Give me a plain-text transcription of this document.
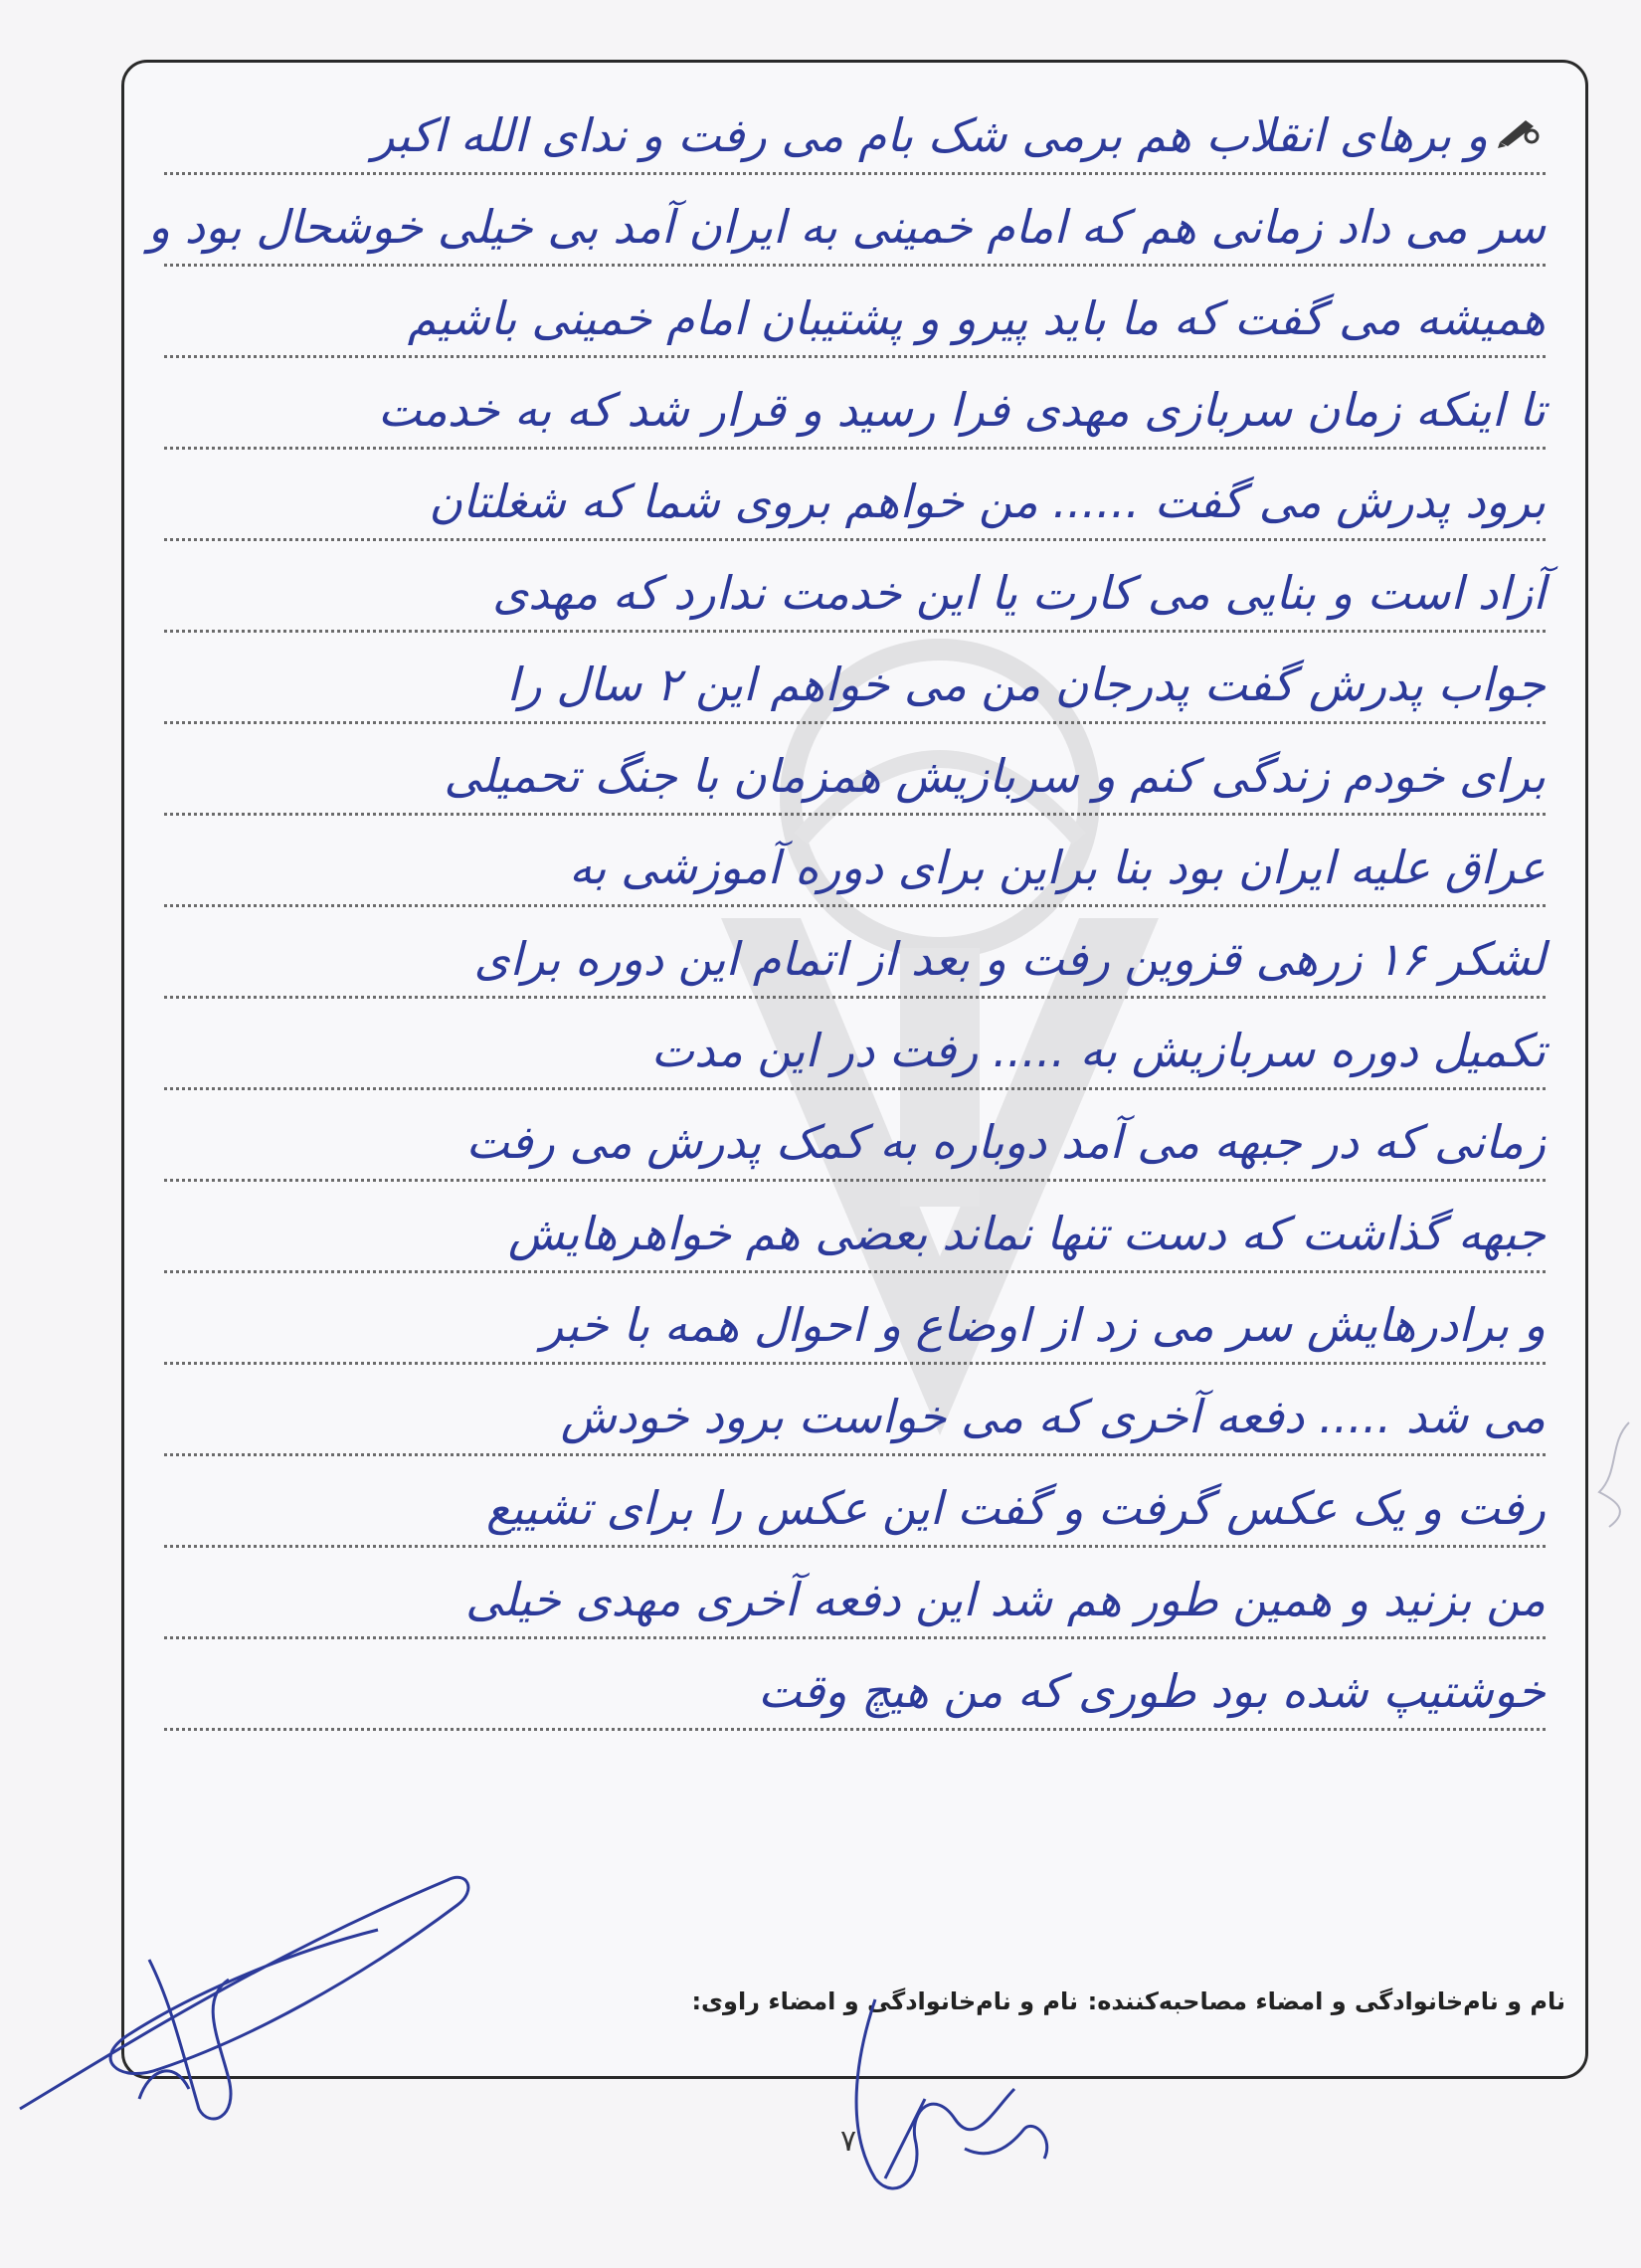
و برهای انقلاب هم برمی شک بام می رفت و ندای الله اکبر
سر می داد زمانی هم که امام خمینی به ایران آمد بی خیلی خوشحال بود و
همیشه می گفت که ما باید پیرو و پشتیبان امام خمینی باشیم
تا اینکه زمان سربازی مهدی فرا رسید و قرار شد که به خدمت
برود پدرش می گفت ...... من خواهم بروی شما که شغلتان
آزاد است و بنایی می کارت یا این خدمت ندارد که مهدی
جواب پدرش گفت پدرجان من می خواهم این ۲ سال را
برای خودم زندگی کنم و سربازیش همزمان با جنگ تحمیلی
عراق علیه ایران بود بنا براین برای دوره آموزشی به
لشکر ۱۶ زرهی قزوین رفت و بعد از اتمام این دوره برای
تکمیل دوره سربازیش به ..... رفت در این مدت
زمانی که در جبهه می آمد دوباره به کمک پدرش می رفت
جبهه گذاشت که دست تنها نماند بعضی هم خواهرهایش
و برادرهایش سر می زد از اوضاع و احوال همه با خبر
می شد ..... دفعه آخری که می خواست برود خودش
رفت و یک عکس گرفت و گفت این عکس را برای تشییع
من بزنید و همین طور هم شد این دفعه آخری مهدی خیلی
خوشتیپ شده بود طوری که من هیچ وقت
نام و نام‌خانوادگی و امضاء مصاحبه‌کننده:
نام و نام‌خانوادگی و امضاء راوی:
۷
